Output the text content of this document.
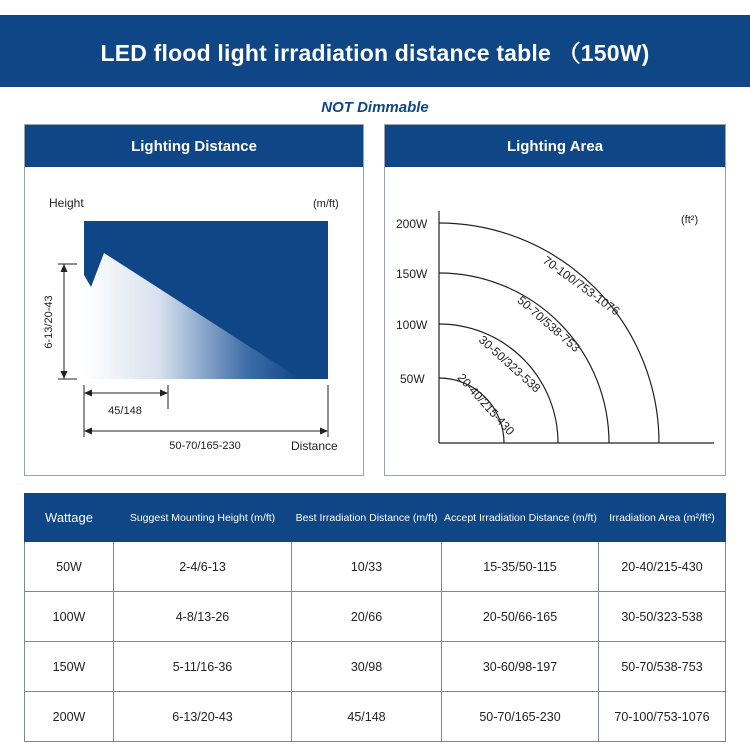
LED flood light irradiation distance table （150W)
NOT Dimmable
Lighting Distance
Height	(m/ft)
6-13/20-43
45/148
50-70/165-230	Distance
Lighting Area
200W
150W
100W
50W
(ft²)
70-100/753-1076
50-70/538-753
30-50/323-538
20-40/215-430
Wattage	Suggest Mounting Height (m/ft)	Best Irradiation Distance (m/ft)	Accept Irradiation Distance (m/ft)	Irradiation Area (m²/ft²)
50W	2-4/6-13	10/33	15-35/50-115	20-40/215-430
100W	4-8/13-26	20/66	20-50/66-165	30-50/323-538
150W	5-11/16-36	30/98	30-60/98-197	50-70/538-753
200W	6-13/20-43	45/148	50-70/165-230	70-100/753-1076
